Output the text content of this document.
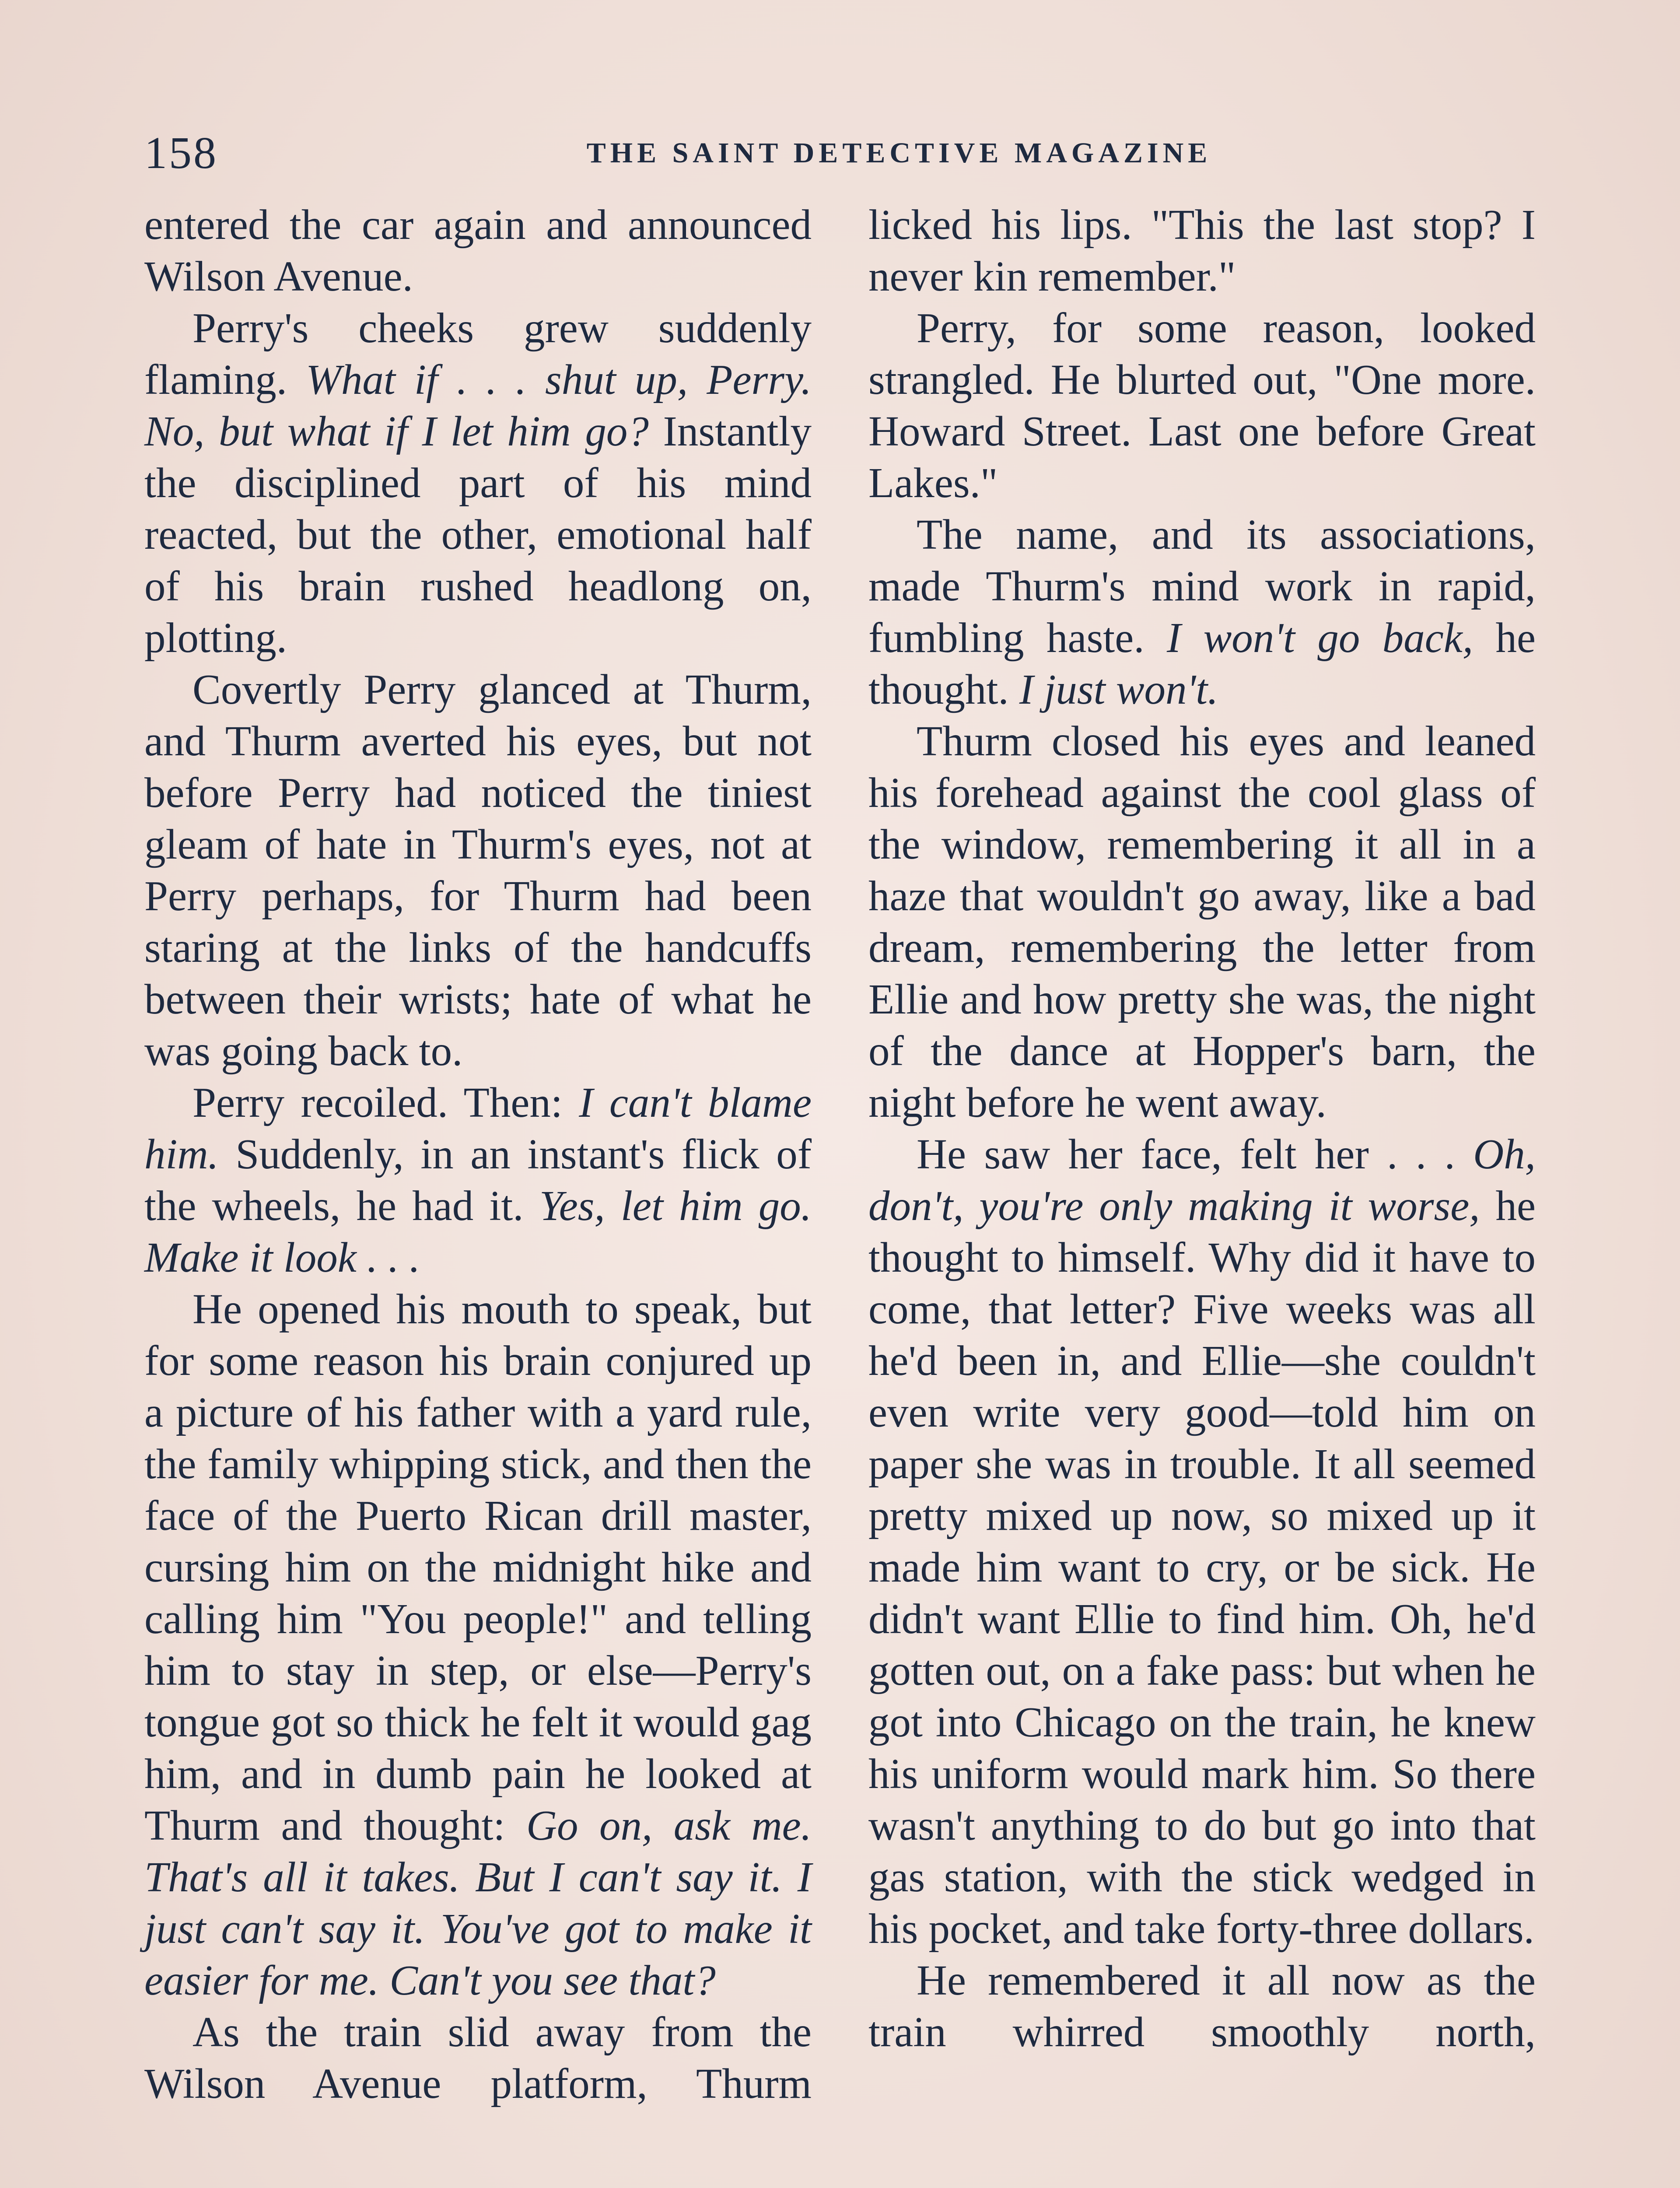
158	THE SAINT DETECTIVE MAGAZINE

entered the car again and announced Wilson Avenue.

Perry's cheeks grew suddenly flaming. What if . . . shut up, Perry. No, but what if I let him go? Instantly the disciplined part of his mind reacted, but the other, emotional half of his brain rushed headlong on, plotting.

Covertly Perry glanced at Thurm, and Thurm averted his eyes, but not before Perry had noticed the tiniest gleam of hate in Thurm's eyes, not at Perry perhaps, for Thurm had been staring at the links of the handcuffs between their wrists; hate of what he was going back to.

Perry recoiled. Then: I can't blame him. Suddenly, in an instant's flick of the wheels, he had it. Yes, let him go. Make it look . . .

He opened his mouth to speak, but for some reason his brain conjured up a picture of his father with a yard rule, the family whipping stick, and then the face of the Puerto Rican drill master, cursing him on the midnight hike and calling him "You people!" and telling him to stay in step, or else—Perry's tongue got so thick he felt it would gag him, and in dumb pain he looked at Thurm and thought: Go on, ask me. That's all it takes. But I can't say it. I just can't say it. You've got to make it easier for me. Can't you see that?

As the train slid away from the Wilson Avenue platform, Thurm

licked his lips. "This the last stop? I never kin remember."

Perry, for some reason, looked strangled. He blurted out, "One more. Howard Street. Last one before Great Lakes."

The name, and its associations, made Thurm's mind work in rapid, fumbling haste. I won't go back, he thought. I just won't.

Thurm closed his eyes and leaned his forehead against the cool glass of the window, remembering it all in a haze that wouldn't go away, like a bad dream, remembering the letter from Ellie and how pretty she was, the night of the dance at Hopper's barn, the night before he went away.

He saw her face, felt her . . . Oh, don't, you're only making it worse, he thought to himself. Why did it have to come, that letter? Five weeks was all he'd been in, and Ellie—she couldn't even write very good—told him on paper she was in trouble. It all seemed pretty mixed up now, so mixed up it made him want to cry, or be sick. He didn't want Ellie to find him. Oh, he'd gotten out, on a fake pass: but when he got into Chicago on the train, he knew his uniform would mark him. So there wasn't anything to do but go into that gas station, with the stick wedged in his pocket, and take forty-three dollars.

He remembered it all now as the train whirred smoothly north,
